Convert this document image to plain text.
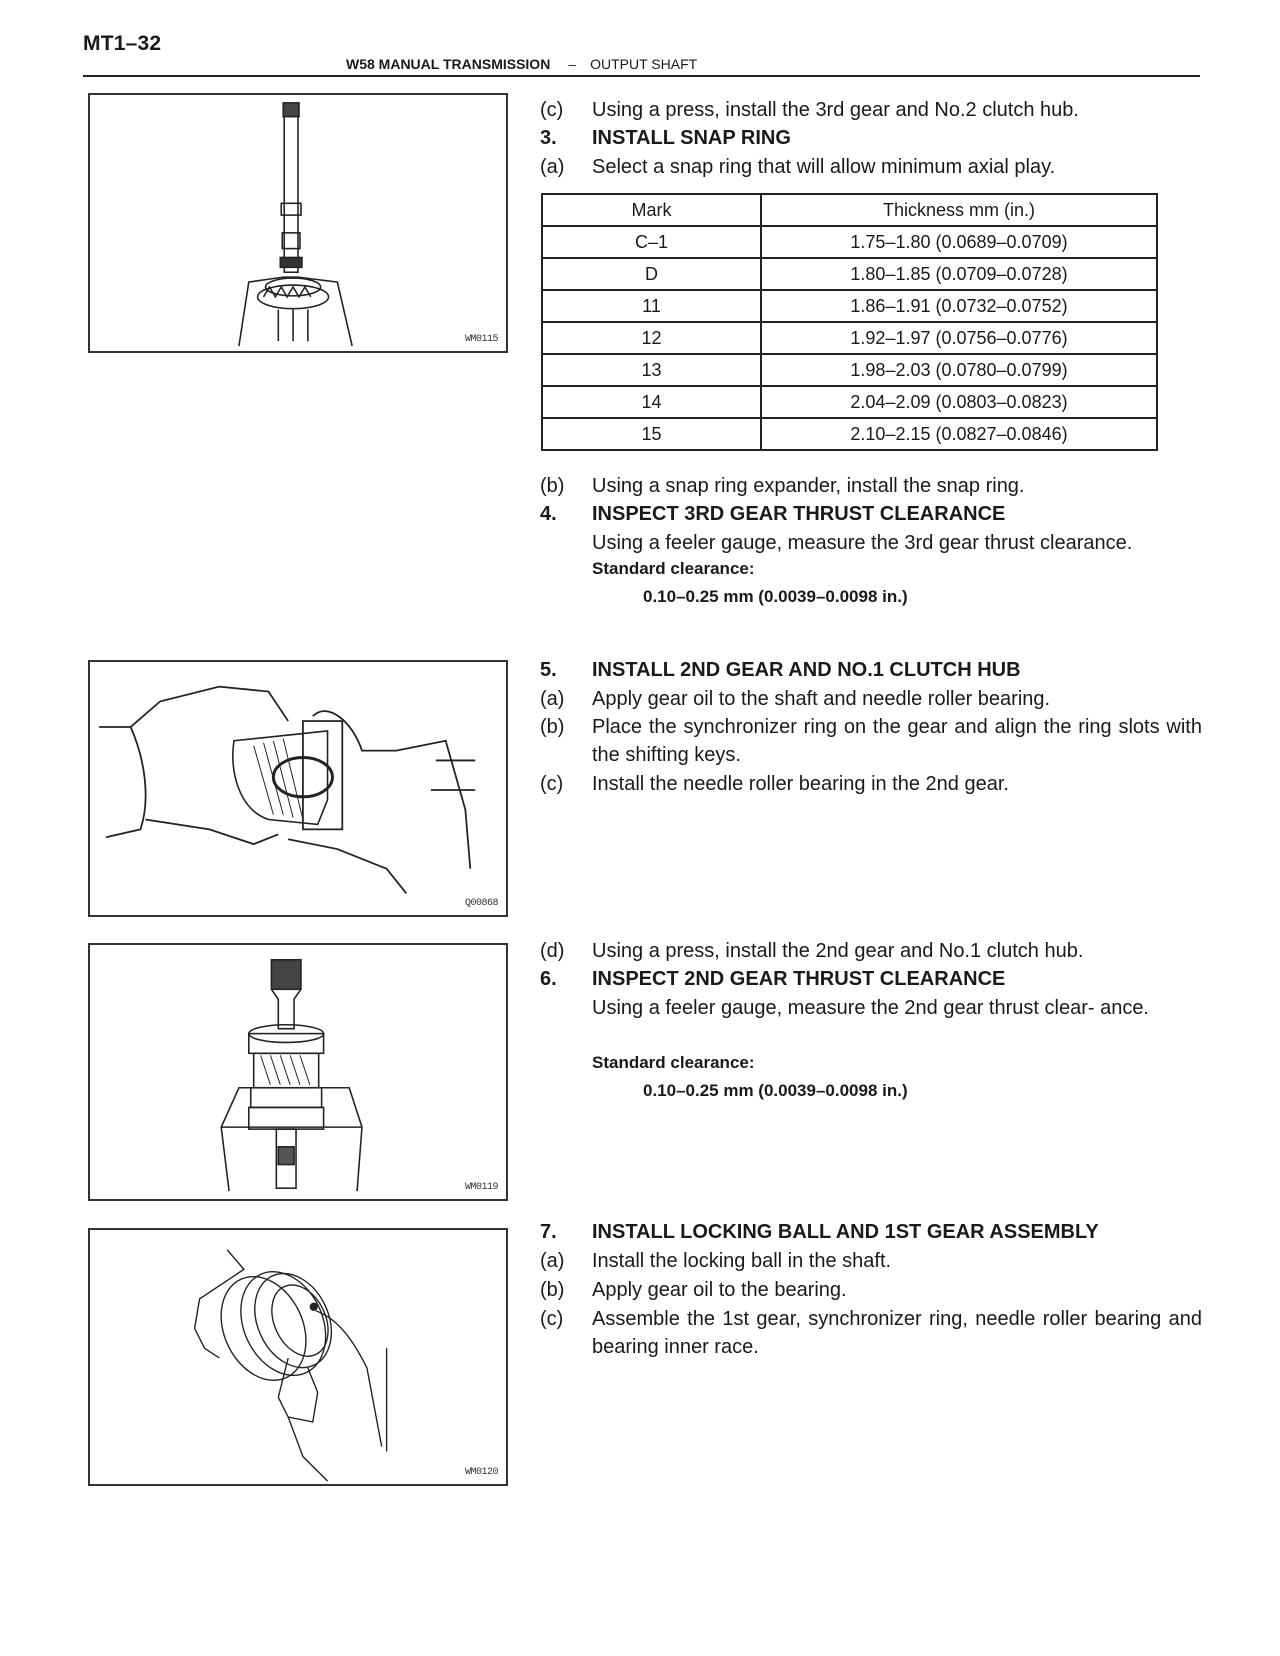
MT1–32
W58 MANUAL TRANSMISSION – OUTPUT SHAFT
WM0115
(c) Using a press, install the 3rd gear and No.2 clutch hub.
3. INSTALL SNAP RING
(a) Select a snap ring that will allow minimum axial play.
Mark	Thickness mm (in.)
C–1	1.75–1.80 (0.0689–0.0709)
D	1.80–1.85 (0.0709–0.0728)
11	1.86–1.91 (0.0732–0.0752)
12	1.92–1.97 (0.0756–0.0776)
13	1.98–2.03 (0.0780–0.0799)
14	2.04–2.09 (0.0803–0.0823)
15	2.10–2.15 (0.0827–0.0846)
(b) Using a snap ring expander, install the snap ring.
4. INSPECT 3RD GEAR THRUST CLEARANCE
Using a feeler gauge, measure the 3rd gear thrust clearance.
Standard clearance:
0.10–0.25 mm (0.0039–0.0098 in.)
Q00868
5. INSTALL 2ND GEAR AND NO.1 CLUTCH HUB
(a) Apply gear oil to the shaft and needle roller bearing.
(b)	Place the synchronizer ring on the gear and align the ring slots with the shifting keys.
(c) Install the needle roller bearing in the 2nd gear.
WM0119
(d) Using a press, install the 2nd gear and No.1 clutch hub.
6. INSPECT 2ND GEAR THRUST CLEARANCE
Using a feeler gauge, measure the 2nd gear thrust clear- ance.
Standard clearance:
0.10–0.25 mm (0.0039–0.0098 in.)
WM0120
7. INSTALL LOCKING BALL AND 1ST GEAR ASSEMBLY
(a) Install the locking ball in the shaft.
(b) Apply gear oil to the bearing.
(c)	Assemble the 1st gear, synchronizer ring, needle roller bearing and bearing inner race.
